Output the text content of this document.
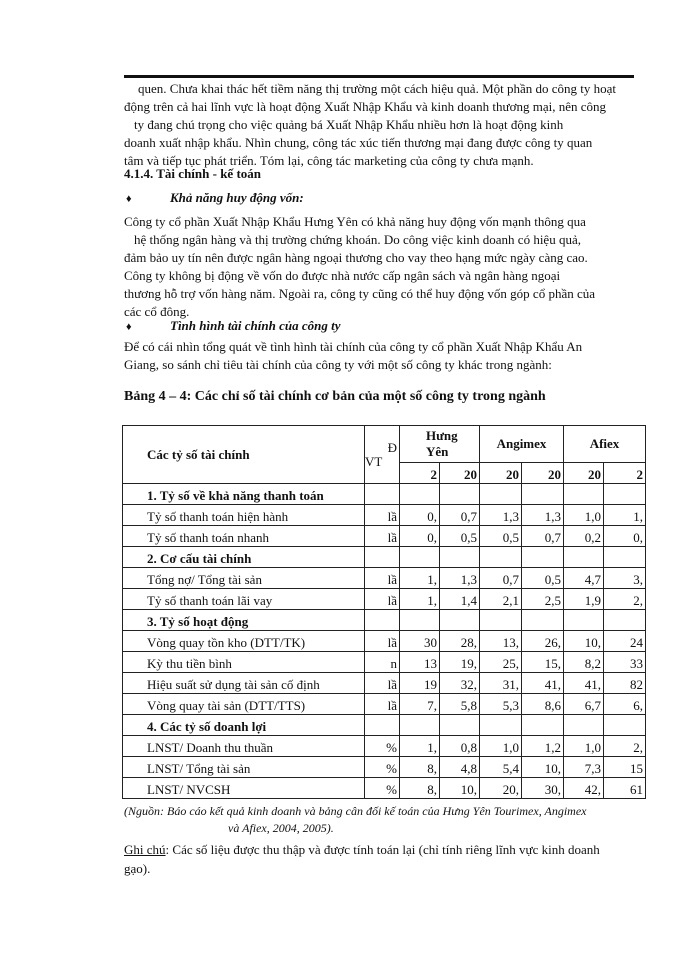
quen. Chưa khai thác hết tiềm năng thị trường một cách hiệu quả. Một phần do công ty hoạt
động trên cả hai lĩnh vực là hoạt động Xuất Nhập Khẩu và kinh doanh thương mại, nên công
ty đang chú trọng cho việc quảng bá Xuất Nhập Khẩu nhiều hơn là hoạt động kinh
doanh xuất nhập khẩu. Nhìn chung, công tác xúc tiến thương mại đang được công ty quan
tâm và tiếp tục phát triển. Tóm lại, công tác marketing của công ty chưa mạnh.

4.1.4. Tài chính - kế toán

♦	Khả năng huy động vốn:
Công ty cổ phần Xuất Nhập Khẩu Hưng Yên có khả năng huy động vốn mạnh thông qua
hệ thống ngân hàng và thị trường chứng khoán. Do công việc kinh doanh có hiệu quả,
đảm bảo uy tín nên được ngân hàng ngoại thương cho vay theo hạng mức ngày càng cao.
Công ty không bị động về vốn do được nhà nước cấp ngân sách và ngân hàng ngoại
thương hỗ trợ vốn hàng năm. Ngoài ra, công ty cũng có thể huy động vốn góp cổ phần của
các cổ đông.
♦	Tình hình tài chính của công ty
Để có cái nhìn tổng quát về tình hình tài chính của công ty cổ phần Xuất Nhập Khẩu An
Giang, so sánh chỉ tiêu tài chính của công ty với một số công ty khác trong ngành:

Bảng 4 – 4: Các chỉ số tài chính cơ bản của một số công ty trong ngành

Các tỷ số tài chính	Đ
VT	Hưng Yên		Angimex		Afiex	
		2	20	20	20	20	2
1. Tỷ số về khả năng thanh toán							
Tỷ số thanh toán hiện hành	lầ	0,	0,7	1,3	1,3	1,0	1,
Tỷ số thanh toán nhanh	lầ	0,	0,5	0,5	0,7	0,2	0,
2. Cơ cấu tài chính							
Tổng nợ/ Tổng tài sản	lầ	1,	1,3	0,7	0,5	4,7	3,
Tỷ số thanh toán lãi vay	lầ	1,	1,4	2,1	2,5	1,9	2,
3. Tỷ số hoạt động							
Vòng quay tồn kho (DTT/TK)	lầ	30	28,	13,	26,	10,	24
Kỳ thu tiền bình	n	13	19,	25,	15,	8,2	33
Hiệu suất sử dụng tài sản cố định	lầ	19	32,	31,	41,	41,	82
Vòng quay tài sản (DTT/TTS)	lầ	7,	5,8	5,3	8,6	6,7	6,
4. Các tỷ số doanh lợi							
LNST/ Doanh thu thuần	%	1,	0,8	1,0	1,2	1,0	2,
LNST/ Tổng tài sản	%	8,	4,8	5,4	10,	7,3	15
LNST/ NVCSH	%	8,	10,	20,	30,	42,	61
(Nguồn: Báo cáo kết quả kinh doanh và bảng cân đối kế toán của Hưng Yên Tourimex, Angimex
và Afiex, 2004, 2005).
Ghi chú: Các số liệu được thu thập và được tính toán lại (chỉ tính riêng lĩnh vực kinh doanh
gạo).
